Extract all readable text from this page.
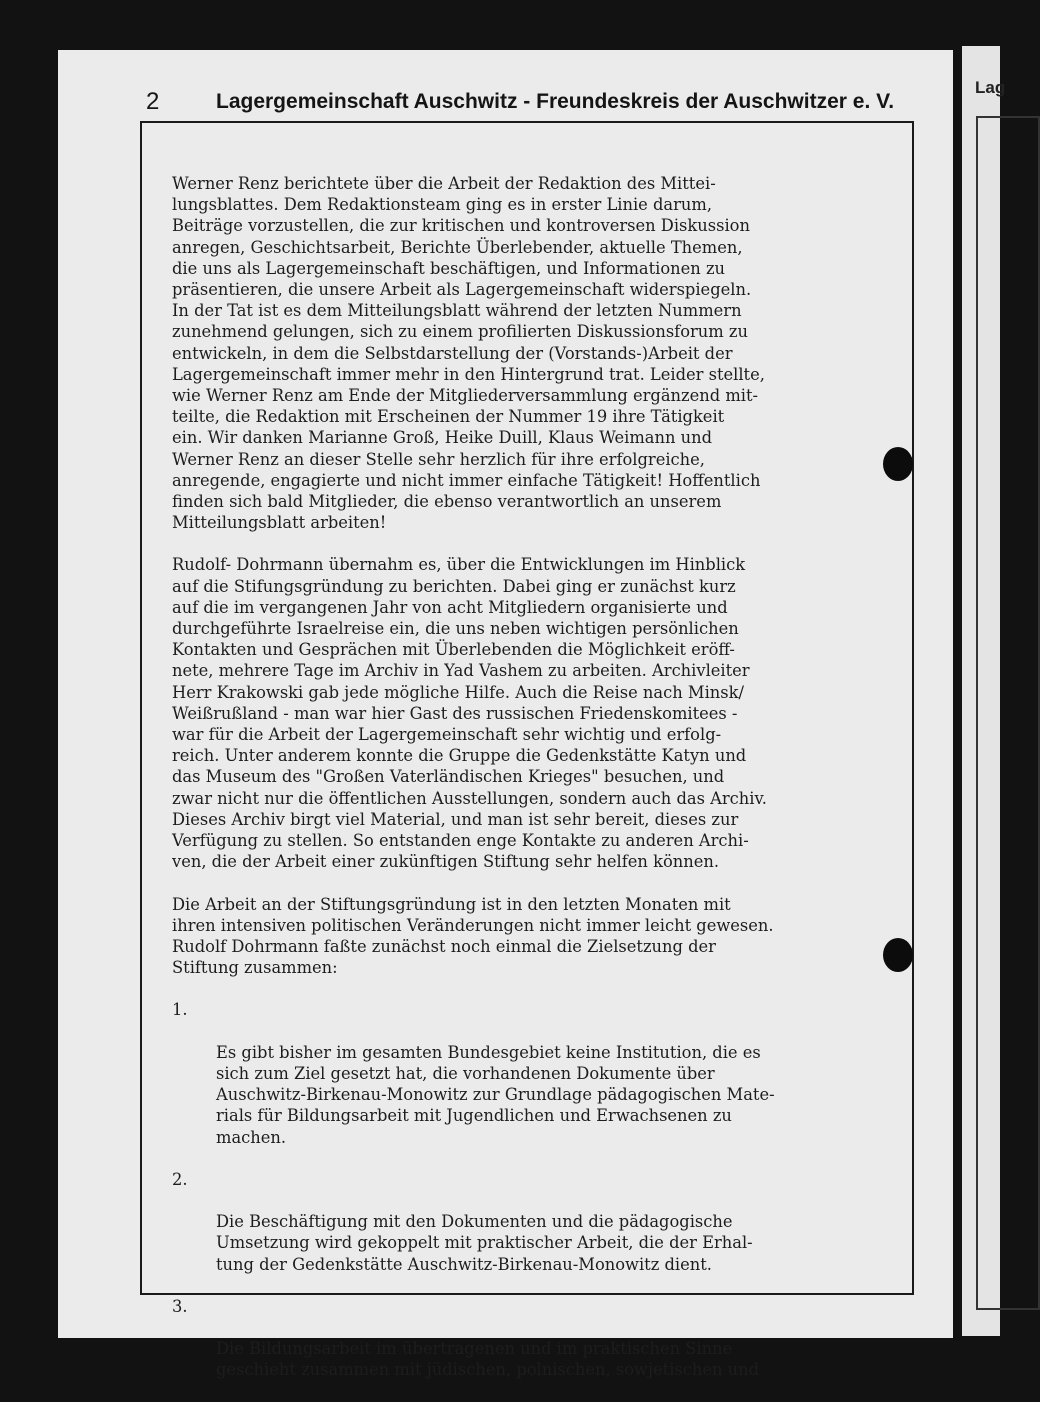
Lag
2	Lagergemeinschaft Auschwitz - Freundeskreis der Auschwitzer e. V.

Werner Renz berichtete über die Arbeit der Redaktion des Mittei-
lungsblattes. Dem Redaktionsteam ging es in erster Linie darum,
Beiträge vorzustellen, die zur kritischen und kontroversen Diskussion
anregen, Geschichtsarbeit, Berichte Überlebender, aktuelle Themen,
die uns als Lagergemeinschaft beschäftigen, und Informationen zu
präsentieren, die unsere Arbeit als Lagergemeinschaft widerspiegeln.
In der Tat ist es dem Mitteilungsblatt während der letzten Nummern
zunehmend gelungen, sich zu einem profilierten Diskussionsforum zu
entwickeln, in dem die Selbstdarstellung der (Vorstands-)Arbeit der
Lagergemeinschaft immer mehr in den Hintergrund trat. Leider stellte,
wie Werner Renz am Ende der Mitgliederversammlung ergänzend mit-
teilte, die Redaktion mit Erscheinen der Nummer 19 ihre Tätigkeit
ein. Wir danken Marianne Groß, Heike Duill, Klaus Weimann und
Werner Renz an dieser Stelle sehr herzlich für ihre erfolgreiche,
anregende, engagierte und nicht immer einfache Tätigkeit! Hoffentlich
finden sich bald Mitglieder, die ebenso verantwortlich an unserem
Mitteilungsblatt arbeiten!

Rudolf- Dohrmann übernahm es, über die Entwicklungen im Hinblick
auf die Stifungsgründung zu berichten. Dabei ging er zunächst kurz
auf die im vergangenen Jahr von acht Mitgliedern organisierte und
durchgeführte Israelreise ein, die uns neben wichtigen persönlichen
Kontakten und Gesprächen mit Überlebenden die Möglichkeit eröff-
nete, mehrere Tage im Archiv in Yad Vashem zu arbeiten. Archivleiter
Herr Krakowski gab jede mögliche Hilfe. Auch die Reise nach Minsk/
Weißrußland - man war hier Gast des russischen Friedenskomitees -
war für die Arbeit der Lagergemeinschaft sehr wichtig und erfolg-
reich. Unter anderem konnte die Gruppe die Gedenkstätte Katyn und
das Museum des "Großen Vaterländischen Krieges" besuchen, und
zwar nicht nur die öffentlichen Ausstellungen, sondern auch das Archiv.
Dieses Archiv birgt viel Material, und man ist sehr bereit, dieses zur
Verfügung zu stellen. So entstanden enge Kontakte zu anderen Archi-
ven, die der Arbeit einer zukünftigen Stiftung sehr helfen können.

Die Arbeit an der Stiftungsgründung ist in den letzten Monaten mit
ihren intensiven politischen Veränderungen nicht immer leicht gewesen.
Rudolf Dohrmann faßte zunächst noch einmal die Zielsetzung der
Stiftung zusammen:

1.

Es gibt bisher im gesamten Bundesgebiet keine Institution, die es
sich zum Ziel gesetzt hat, die vorhandenen Dokumente über
Auschwitz-Birkenau-Monowitz zur Grundlage pädagogischen Mate-
rials für Bildungsarbeit mit Jugendlichen und Erwachsenen zu
machen.

2.

Die Beschäftigung mit den Dokumenten und die pädagogische
Umsetzung wird gekoppelt mit praktischer Arbeit, die der Erhal-
tung der Gedenkstätte Auschwitz-Birkenau-Monowitz dient.

3.

Die Bildungsarbeit im übertragenen und im praktischen Sinne
geschieht zusammen mit jüdischen, polnischen, sowjetischen und
